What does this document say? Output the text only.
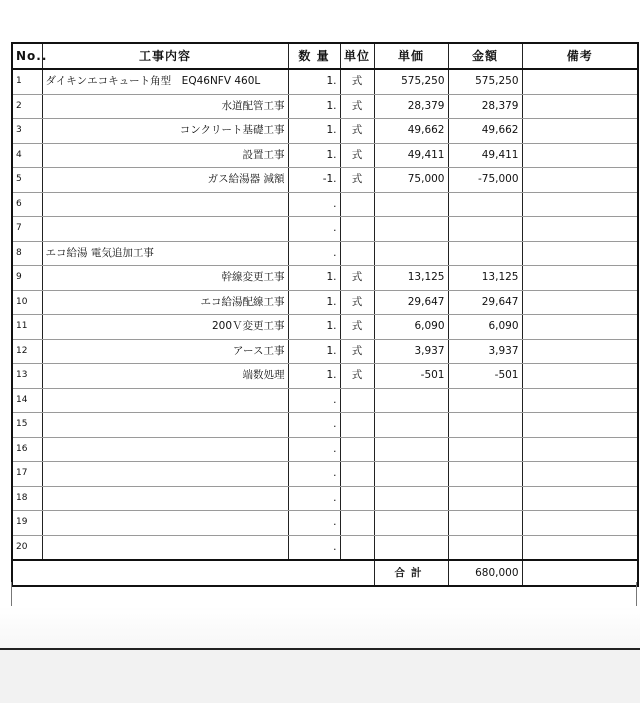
No..	工事内容	数 量	単位	単価	金額	備考
1	ダイキンエコキュート角型　EQ46NFV 460L	1.	式	575,250	575,250	
2	水道配管工事	1.	式	28,379	28,379	
3	コンクリート基礎工事	1.	式	49,662	49,662	
4	設置工事	1.	式	49,411	49,411	
5	ガス給湯器 減額	-1.	式	75,000	-75,000	
6		.				
7		.				
8	エコ給湯 電気追加工事	.				
9	幹線変更工事	1.	式	13,125	13,125	
10	エコ給湯配線工事	1.	式	29,647	29,647	
11	200Ｖ変更工事	1.	式	6,090	6,090	
12	アース工事	1.	式	3,937	3,937	
13	端数処理	1.	式	-501	-501	
14		.				
15		.				
16		.				
17		.				
18		.				
19		.				
20		.				
				合計	680,000	
